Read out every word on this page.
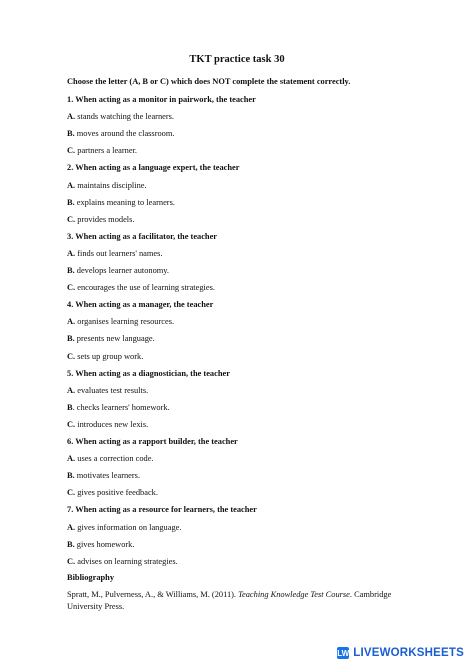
TKT practice task 30
Choose the letter (A, B or C) which does NOT complete the statement correctly.
1. When acting as a monitor in pairwork, the teacher
A. stands watching the learners.
B. moves around the classroom.
C. partners a learner.
2. When acting as a language expert, the teacher
A. maintains discipline.
B. explains meaning to learners.
C. provides models.
3. When acting as a facilitator, the teacher
A. finds out learners' names.
B. develops learner autonomy.
C. encourages the use of learning strategies.
4. When acting as a manager, the teacher
A. organises learning resources.
B. presents new language.
C. sets up group work.
5. When acting as a diagnostician, the teacher
A. evaluates test results.
B. checks learners' homework.
C. introduces new lexis.
6. When acting as a rapport builder, the teacher
A. uses a correction code.
B. motivates learners.
C. gives positive feedback.
7. When acting as a resource for learners, the teacher
A. gives information on language.
B. gives homework.
C. advises on learning strategies.
Bibliography
Spratt, M., Pulverness, A., & Williams, M. (2011). Teaching Knowledge Test Course. Cambridge University Press.
LW LIVEWORKSHEETS
